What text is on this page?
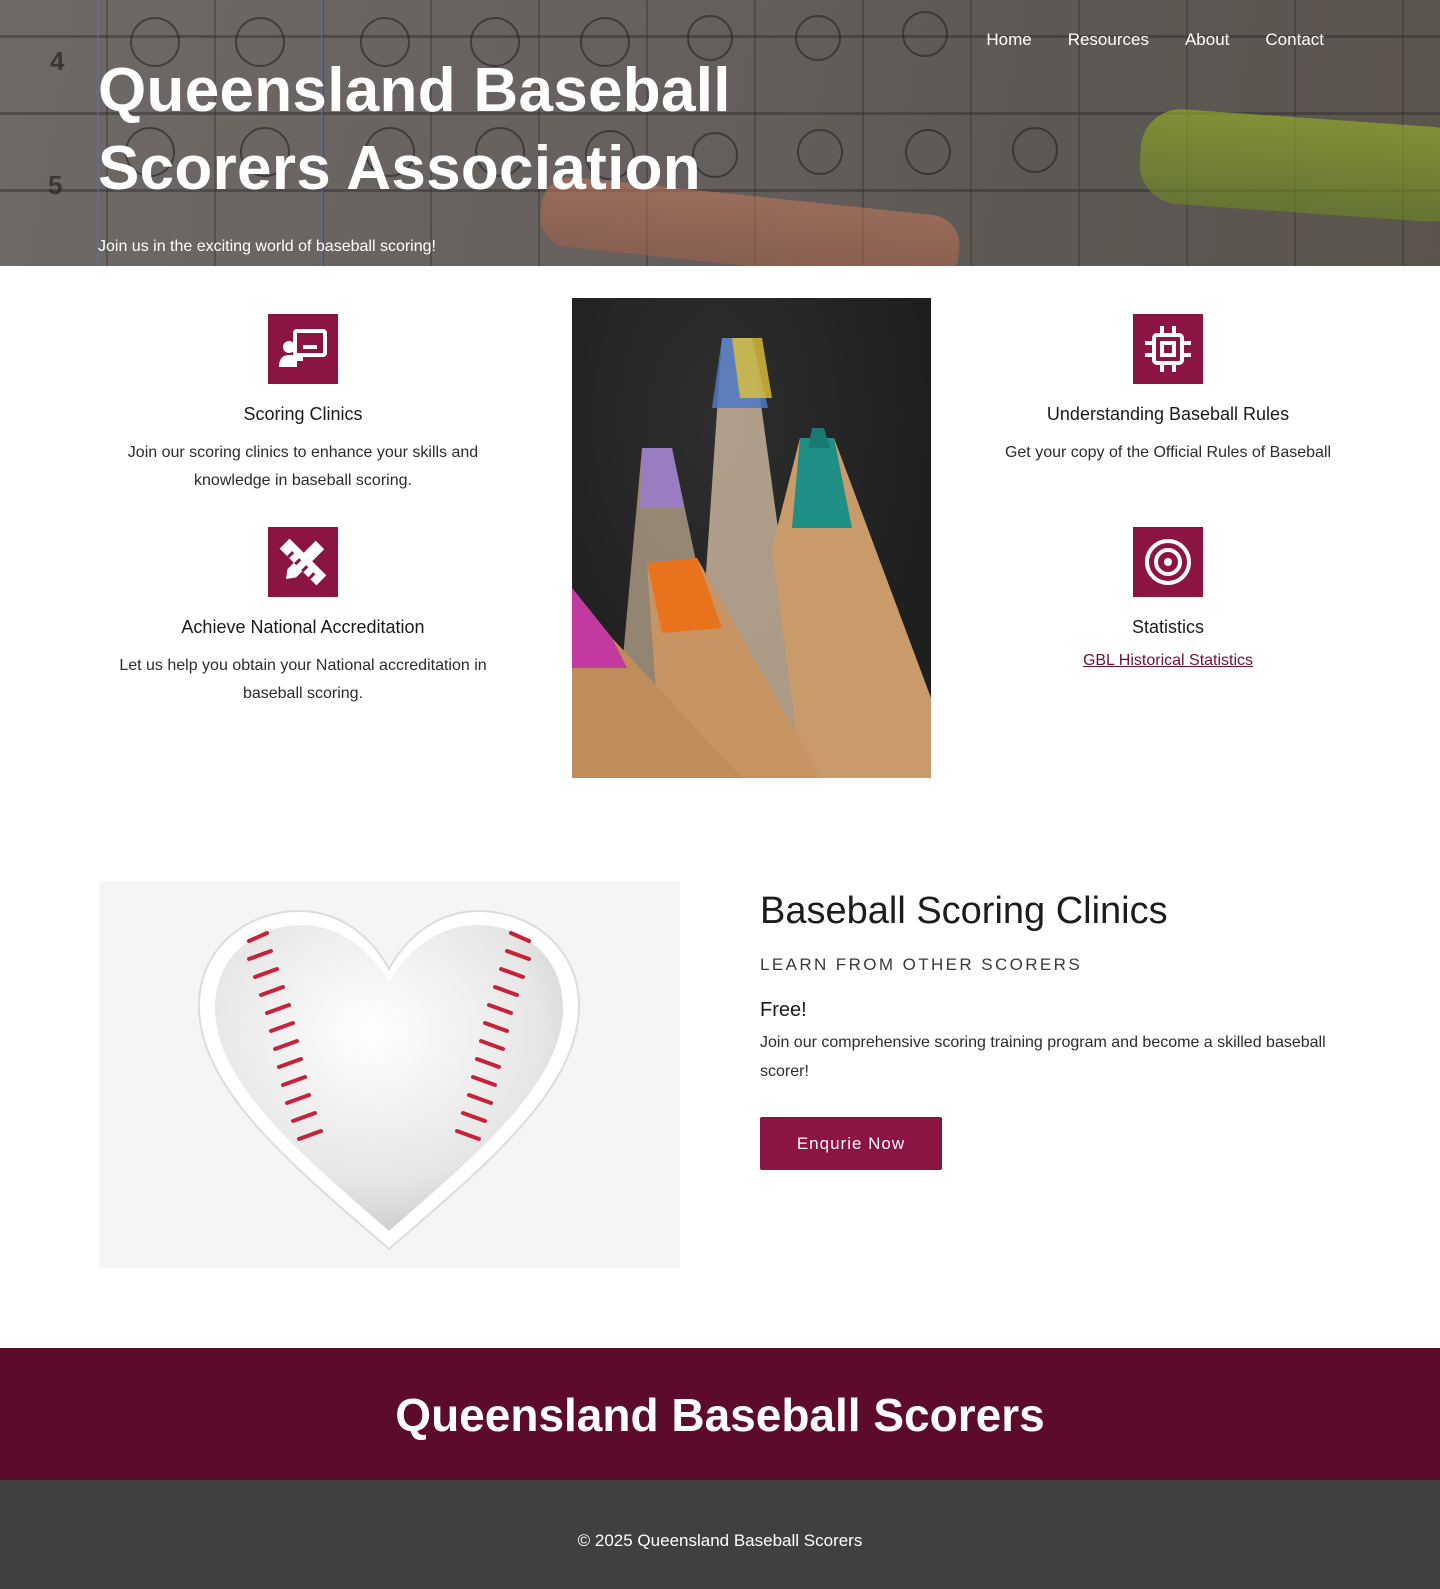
4
5
Queensland Baseball
Scorers Association

Join us in the exciting world of baseball scoring!

Home Resources About Contact
Scoring Clinics

Join our scoring clinics to enhance your skills and knowledge in baseball scoring.

Achieve National Accreditation

Let us help you obtain your National accreditation in baseball scoring.

Understanding Baseball Rules

Get your copy of the Official Rules of Baseball

Statistics
GBL Historical Statistics
Baseball Scoring Clinics

LEARN FROM OTHER SCORERS

Free!

Join our comprehensive scoring training program and become a skilled baseball scorer!

Enqurie Now
Queensland Baseball Scorers

© 2025 Queensland Baseball Scorers
